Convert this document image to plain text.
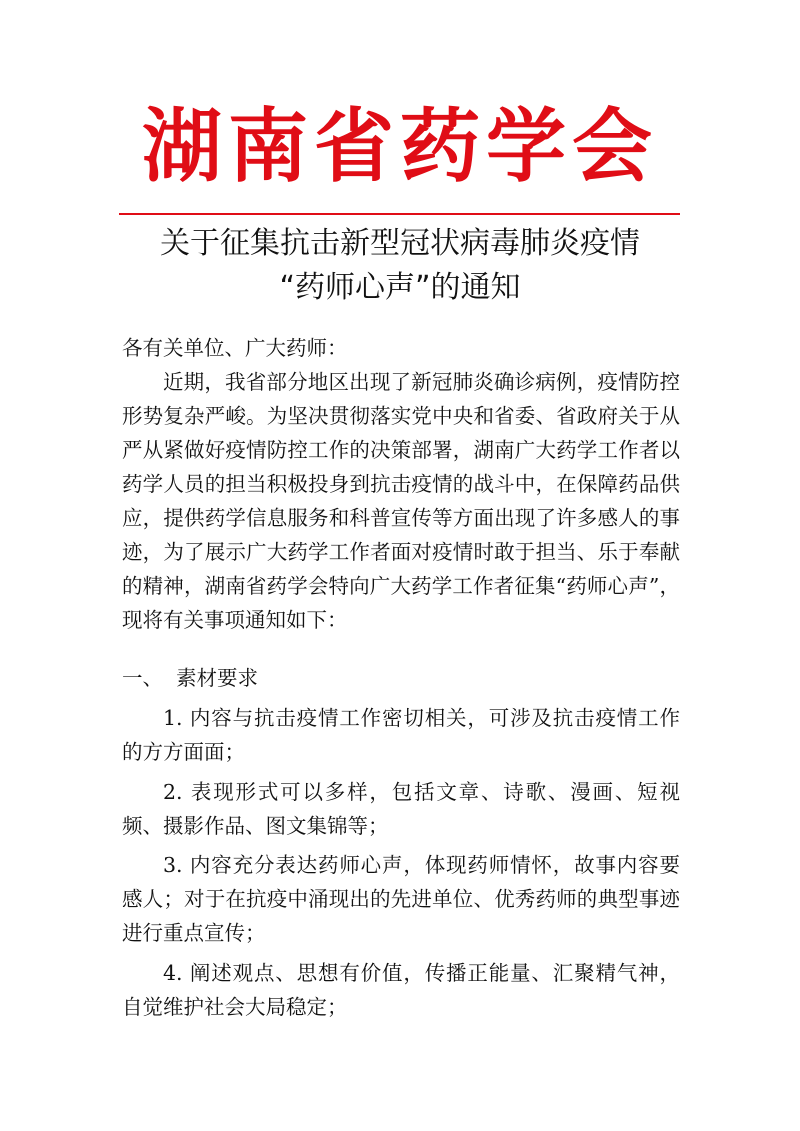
湖南省药学会
关于征集抗击新型冠状病毒肺炎疫情
“药师心声”的通知
各有关单位、广大药师：
近期，我省部分地区出现了新冠肺炎确诊病例，疫情防控形势复杂严峻。为坚决贯彻落实党中央和省委、省政府关于从严从紧做好疫情防控工作的决策部署，湖南广大药学工作者以药学人员的担当积极投身到抗击疫情的战斗中，在保障药品供应，提供药学信息服务和科普宣传等方面出现了许多感人的事迹，为了展示广大药学工作者面对疫情时敢于担当、乐于奉献的精神，湖南省药学会特向广大药学工作者征集“药师心声”，现将有关事项通知如下：
一、 素材要求
1. 内容与抗击疫情工作密切相关，可涉及抗击疫情工作的方方面面；
2. 表现形式可以多样，包括文章、诗歌、漫画、短视频、摄影作品、图文集锦等；
3. 内容充分表达药师心声，体现药师情怀，故事内容要感人；对于在抗疫中涌现出的先进单位、优秀药师的典型事迹进行重点宣传；
4. 阐述观点、思想有价值，传播正能量、汇聚精气神，自觉维护社会大局稳定；
